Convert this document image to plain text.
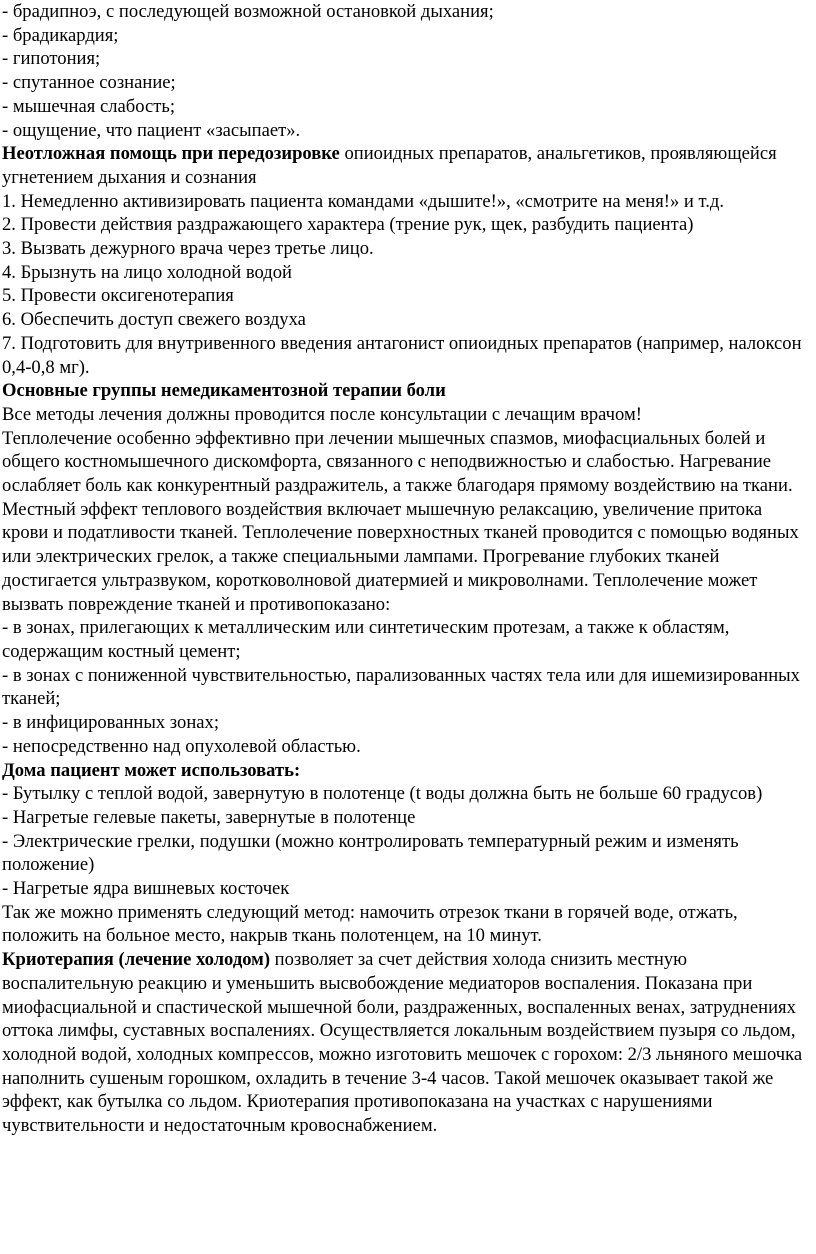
- брадипноэ, с последующей возможной остановкой дыхания;

- брадикардия;

- гипотония;

- спутанное сознание;

- мышечная слабость;

- ощущение, что пациент «засыпает».

Неотложная помощь при передозировке опиоидных препаратов, анальгетиков, проявляющейся угнетением дыхания и сознания

1. Немедленно активизировать пациента командами «дышите!», «смотрите на меня!» и т.д.

2. Провести действия раздражающего характера (трение рук, щек, разбудить пациента)

3. Вызвать дежурного врача через третье лицо.

4. Брызнуть на лицо холодной водой

5. Провести оксигенотерапия

6. Обеспечить доступ свежего воздуха

7. Подготовить для внутривенного введения антагонист опиоидных препаратов (например, налоксон 0,4-0,8 мг).

Основные группы немедикаментозной терапии боли

Все методы лечения должны проводится после консультации с лечащим врачом!

Теплолечение особенно эффективно при лечении мышечных спазмов, миофасциальных болей и общего костномышечного дискомфорта, связанного с неподвижностью и слабостью. Нагревание ослабляет боль как конкурентный раздражитель, а также благодаря прямому воздействию на ткани. Местный эффект теплового воздействия включает мышечную релаксацию, увеличение притока крови и податливости тканей. Теплолечение поверхностных тканей проводится с помощью водяных или электрических грелок, а также специальными лампами. Прогревание глубоких тканей достигается ультразвуком, коротковолновой диатермией и микроволнами. Теплолечение может вызвать повреждение тканей и противопоказано:

- в зонах, прилегающих к металлическим или синтетическим протезам, а также к областям, содержащим костный цемент;

- в зонах с пониженной чувствительностью, парализованных частях тела или для ишемизированных тканей;

- в инфицированных зонах;

- непосредственно над опухолевой областью.

Дома пациент может использовать:

- Бутылку с теплой водой, завернутую в полотенце (t воды должна быть не больше 60 градусов)

- Нагретые гелевые пакеты, завернутые в полотенце

- Электрические грелки, подушки (можно контролировать температурный режим и изменять положение)

- Нагретые ядра вишневых косточек

Так же можно применять следующий метод: намочить отрезок ткани в горячей воде, отжать, положить на больное место, накрыв ткань полотенцем, на 10 минут.

Криотерапия (лечение холодом) позволяет за счет действия холода снизить местную воспалительную реакцию и уменьшить высвобождение медиаторов воспаления. Показана при миофасциальной и спастической мышечной боли, раздраженных, воспаленных венах, затруднениях оттока лимфы, суставных воспалениях. Осуществляется локальным воздействием пузыря со льдом, холодной водой, холодных компрессов, можно изготовить мешочек с горохом: 2/3 льняного мешочка наполнить сушеным горошком, охладить в течение 3-4 часов. Такой мешочек оказывает такой же эффект, как бутылка со льдом. Криотерапия противопоказана на участках с нарушениями чувствительности и недостаточным кровоснабжением.
